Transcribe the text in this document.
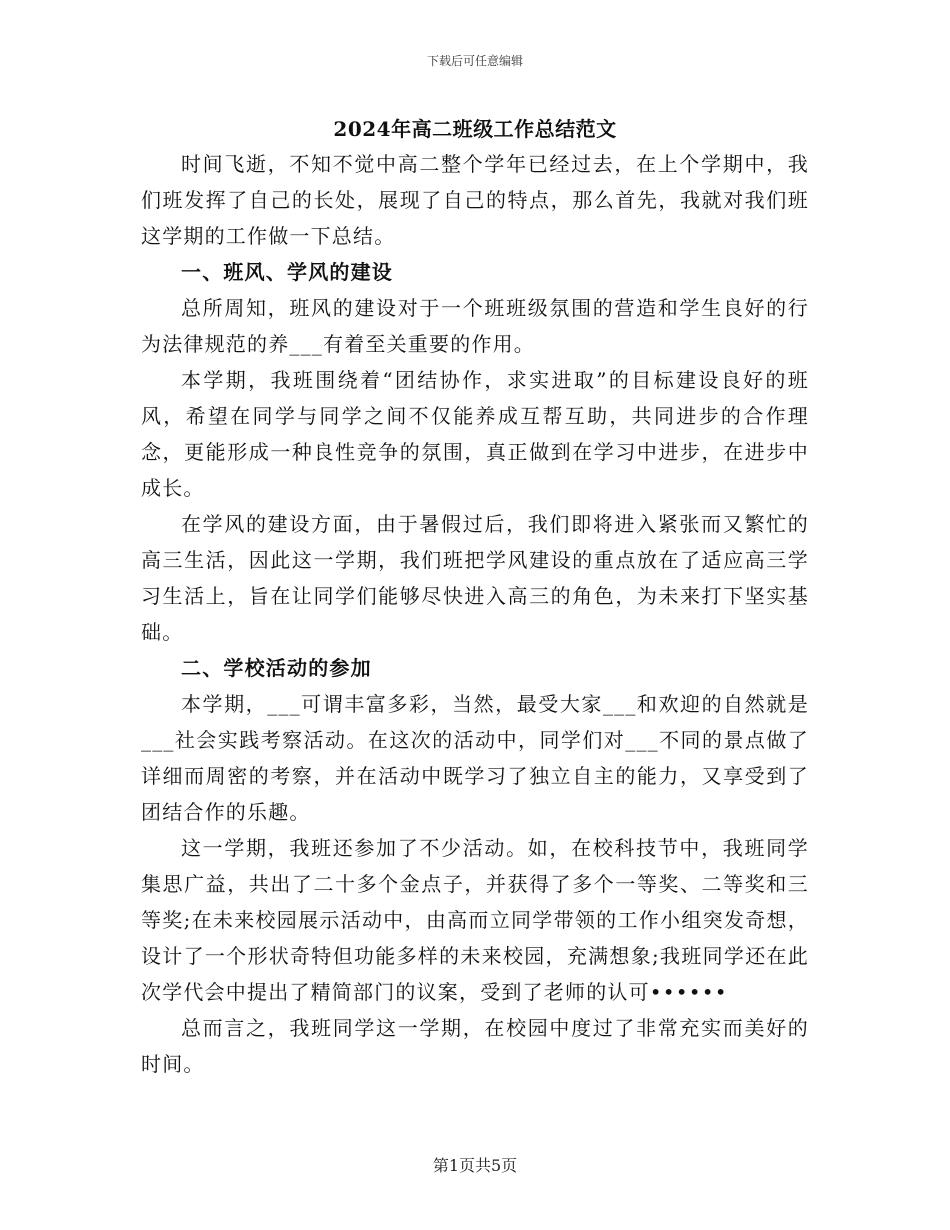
下载后可任意编辑
2024年高二班级工作总结范文

时间飞逝，不知不觉中高二整个学年已经过去，在上个学期中，我们班发挥了自己的长处，展现了自己的特点，那么首先，我就对我们班这学期的工作做一下总结。

一、班风、学风的建设

总所周知，班风的建设对于一个班班级氛围的营造和学生良好的行为法律规范的养___有着至关重要的作用。

本学期，我班围绕着“团结协作，求实进取”的目标建设良好的班风，希望在同学与同学之间不仅能养成互帮互助，共同进步的合作理念，更能形成一种良性竞争的氛围，真正做到在学习中进步，在进步中成长。

在学风的建设方面，由于暑假过后，我们即将进入紧张而又繁忙的高三生活，因此这一学期，我们班把学风建设的重点放在了适应高三学习生活上，旨在让同学们能够尽快进入高三的角色，为未来打下坚实基础。

二、学校活动的参加

本学期，___可谓丰富多彩，当然，最受大家___和欢迎的自然就是___社会实践考察活动。在这次的活动中，同学们对___不同的景点做了详细而周密的考察，并在活动中既学习了独立自主的能力，又享受到了团结合作的乐趣。

这一学期，我班还参加了不少活动。如，在校科技节中，我班同学集思广益，共出了二十多个金点子，并获得了多个一等奖、二等奖和三等奖;在未来校园展示活动中，由高而立同学带领的工作小组突发奇想，设计了一个形状奇特但功能多样的未来校园，充满想象;我班同学还在此次学代会中提出了精简部门的议案，受到了老师的认可••••••

总而言之，我班同学这一学期，在校园中度过了非常充实而美好的时间。

第1页共5页
